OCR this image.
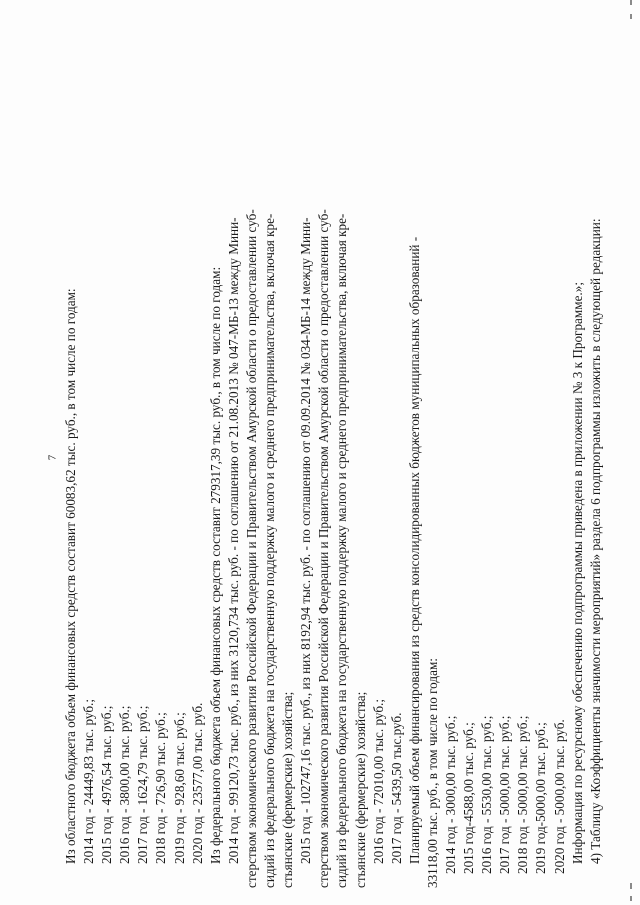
7 Из областного бюджета объем финансовых средств составит 60083,62 тыс. руб., в том числе по годам: 2014 год - 24449,83 тыс. руб.; 2015 год - 4976,54 тыс. руб.; 2016 год - 3800,00 тыс. руб.; 2017 год - 1624,79 тыс. руб.; 2018 год - 726,90 тыс. руб.; 2019 год - 928,60 тыс. руб.; 2020 год - 23577,00 тыс. руб. Из федерального бюджета объем финансовых средств составит 279317,39 тыс. руб., в том числе по годам: 2014 год - 99120,73 тыс. руб., из них 3120,734 тыс. руб. - по соглашению от 21.08.2013 № 047-МБ-13 между Мини- стерством экономического развития Российской Федерации и Правительством Амурской области о предоставлении суб- сидий из федерального бюджета на государственную поддержку малого и среднего предпринимательства, включая кре- стьянские (фермерские) хозяйства; 2015 год - 102747,16 тыс. руб., из них 8192,94 тыс. руб. - по соглашению от 09.09.2014 № 034-МБ-14 между Мини- стерством экономического развития Российской Федерации и Правительством Амурской области о предоставлении суб- сидий из федерального бюджета на государственную поддержку малого и среднего предпринимательства, включая кре- стьянские (фермерские) хозяйства; 2016 год - 72010,00 тыс. руб.; 2017 год - 5439,50 тыс.руб. Планируемый объем финансирования из средств консолидированных бюджетов муниципальных образований - 33118,00 тыс. руб., в том числе по годам: 2014 год - 3000,00 тыс. руб.; 2015 год-4588,00 тыс. руб.; 2016 год - 5530,00 тыс. руб.; 2017 год - 5000,00 тыс. руб.; 2018 год - 5000,00 тыс. руб.; 2019 год-5000,00 тыс. руб.; 2020 год - 5000,00 тыс. руб. Информация по ресурсному обеспечению подпрограммы приведена в приложении № 3 к Программе.»; 4) Таблицу «Коэффициенты значимости мероприятий» раздела 6 подпрограммы изложить в следующей редакции:
